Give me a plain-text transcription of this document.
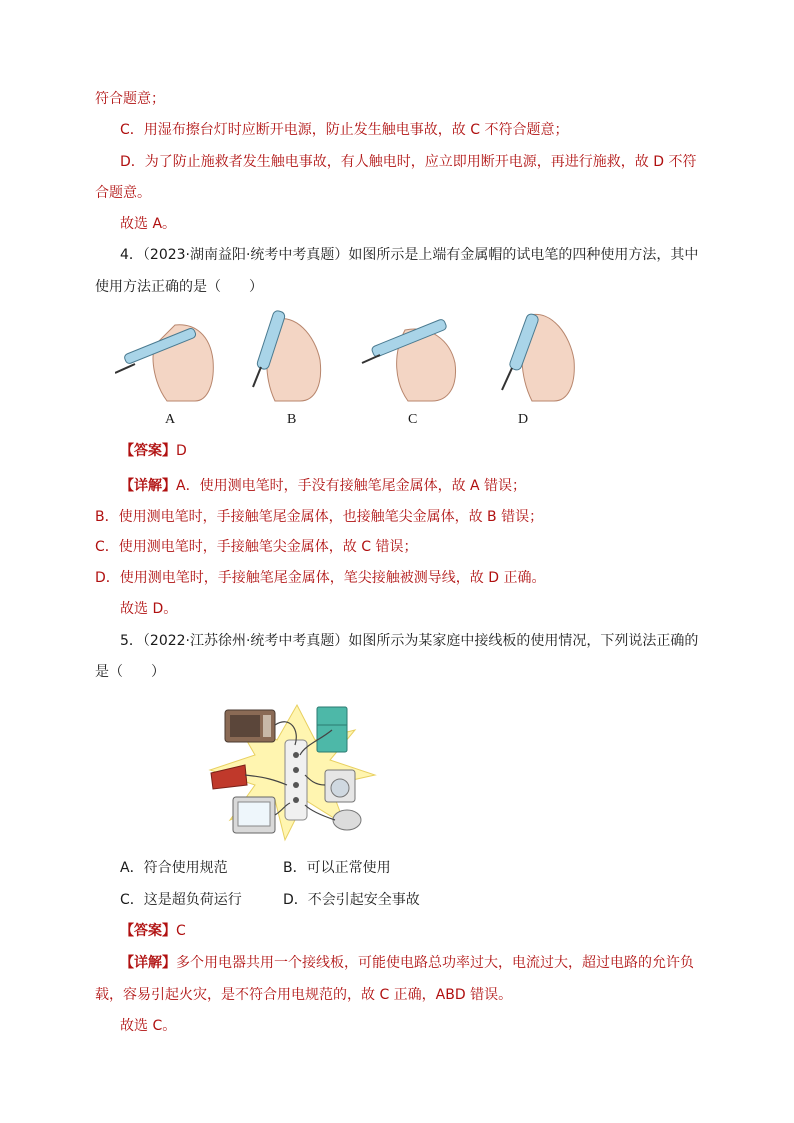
符合题意；
C．用湿布擦台灯时应断开电源，防止发生触电事故，故 C 不符合题意；
D．为了防止施救者发生触电事故，有人触电时，应立即用断开电源，再进行施救，故 D 不符
合题意。
故选 A。
4．（2023·湖南益阳·统考中考真题）如图所示是上端有金属帽的试电笔的四种使用方法，其中
使用方法正确的是（　　）
A	B	C	D
【答案】D
【详解】A．使用测电笔时，手没有接触笔尾金属体，故 A 错误；
B．使用测电笔时，手接触笔尾金属体，也接触笔尖金属体，故 B 错误；
C．使用测电笔时，手接触笔尖金属体，故 C 错误；
D．使用测电笔时，手接触笔尾金属体，笔尖接触被测导线，故 D 正确。
故选 D。
5．（2022·江苏徐州·统考中考真题）如图所示为某家庭中接线板的使用情况，下列说法正确的
是（　　）
A．符合使用规范	B．可以正常使用
C．这是超负荷运行	D．不会引起安全事故
【答案】C
【详解】多个用电器共用一个接线板，可能使电路总功率过大，电流过大，超过电路的允许负
载，容易引起火灾，是不符合用电规范的，故 C 正确，ABD 错误。
故选 C。
